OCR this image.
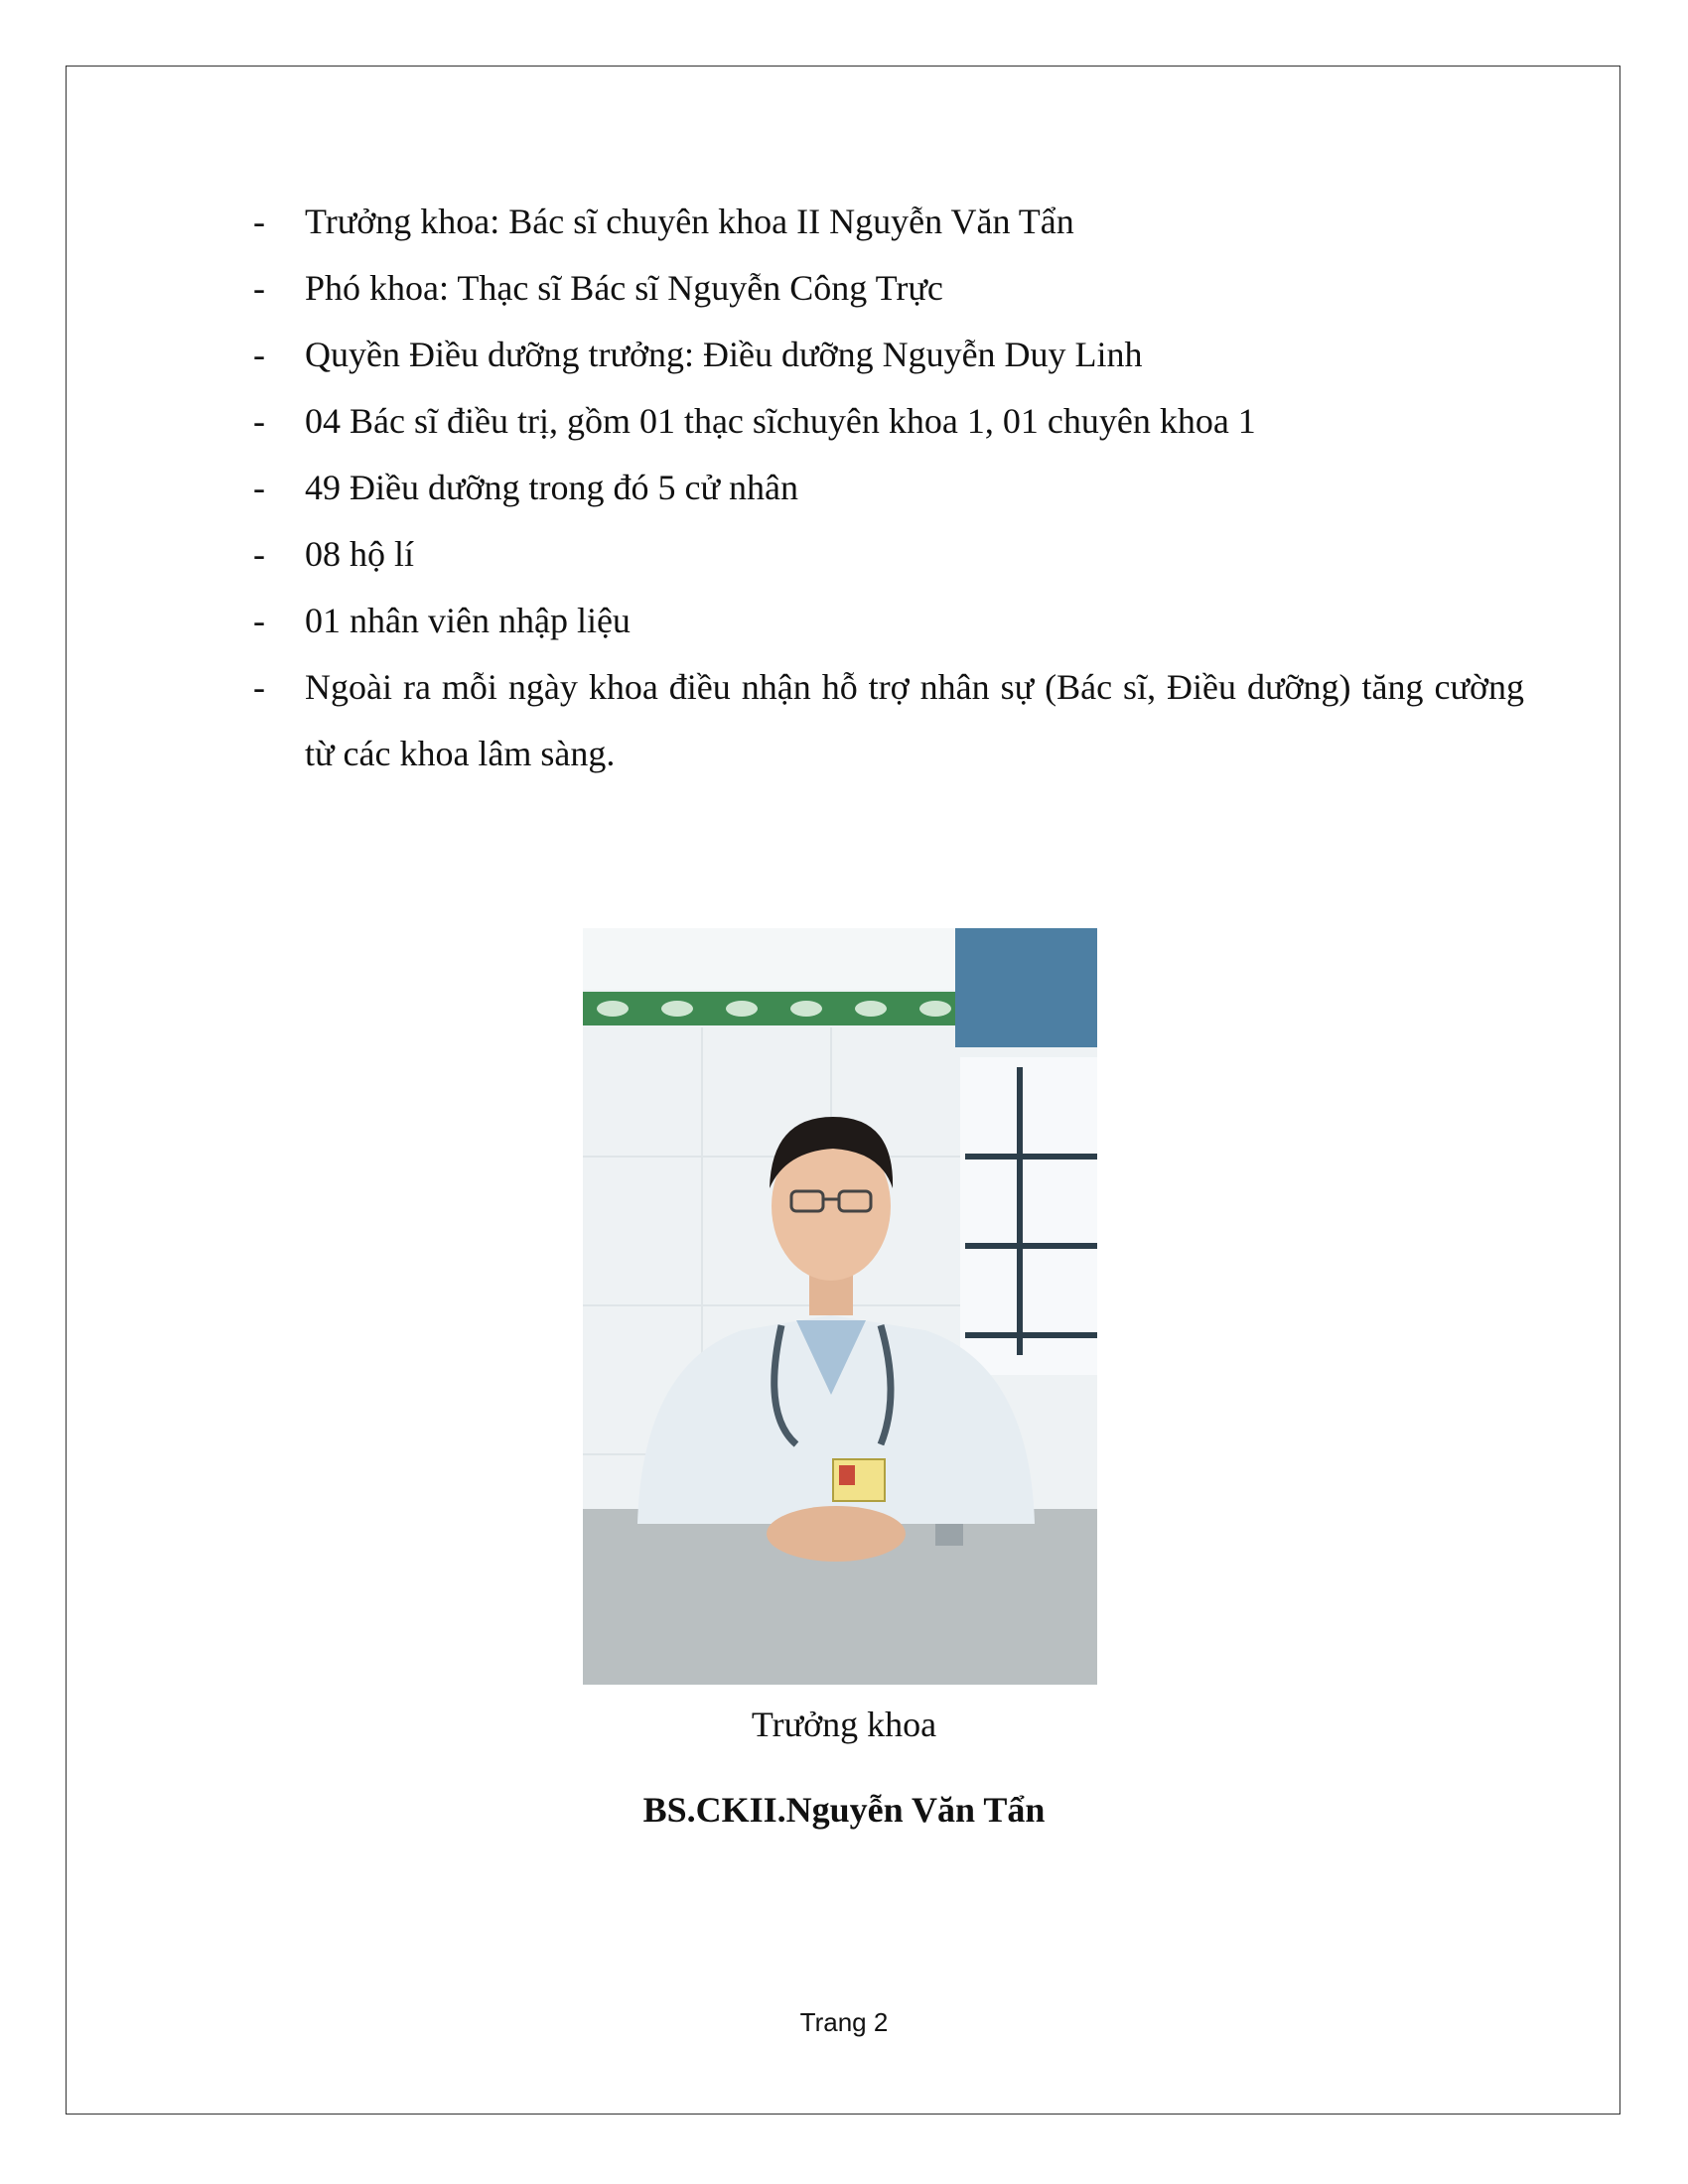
- Trưởng khoa: Bác sĩ chuyên khoa II Nguyễn Văn Tẩn
- Phó khoa: Thạc sĩ Bác sĩ Nguyễn Công Trực
- Quyền Điều dưỡng trưởng: Điều dưỡng Nguyễn Duy Linh
- 04 Bác sĩ điều trị, gồm 01 thạc sĩchuyên khoa 1, 01 chuyên khoa 1
- 49 Điều dưỡng trong đó 5 cử nhân
- 08 hộ lí
- 01 nhân viên nhập liệu
- Ngoài ra mỗi ngày khoa điều nhận hỗ trợ nhân sự (Bác sĩ, Điều dưỡng) tăng cường từ các khoa lâm sàng.
Trưởng khoa
BS.CKII.Nguyễn Văn Tẩn
Trang 2
